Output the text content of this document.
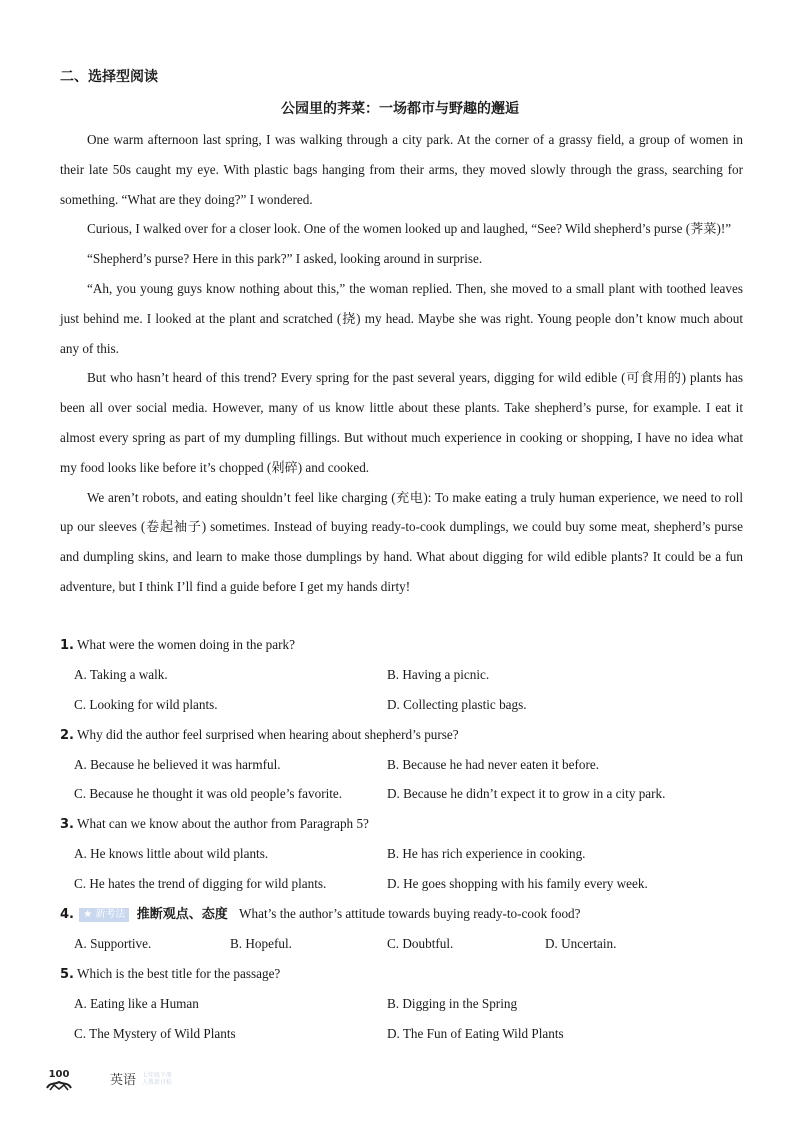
二、选择型阅读
公园里的荠菜：一场都市与野趣的邂逅

One warm afternoon last spring, I was walking through a city park. At the corner of a grassy field, a group of women in their late 50s caught my eye. With plastic bags hanging from their arms, they moved slowly through the grass, searching for something. “What are they doing?” I wondered.

Curious, I walked over for a closer look. One of the women looked up and laughed, “See? Wild shepherd’s purse (荠菜)!”

“Shepherd’s purse? Here in this park?” I asked, looking around in surprise.

“Ah, you young guys know nothing about this,” the woman replied. Then, she moved to a small plant with toothed leaves just behind me. I looked at the plant and scratched (挠) my head. Maybe she was right. Young people don’t know much about any of this.

But who hasn’t heard of this trend? Every spring for the past several years, digging for wild edible (可食用的) plants has been all over social media. However, many of us know little about these plants. Take shepherd’s purse, for example. I eat it almost every spring as part of my dumpling fillings. But without much experience in cooking or shopping, I have no idea what my food looks like before it’s chopped (剁碎) and cooked.

We aren’t robots, and eating shouldn’t feel like charging (充电): To make eating a truly human experience, we need to roll up our sleeves (卷起袖子) sometimes. Instead of buying ready-to-cook dumplings, we could buy some meat, shepherd’s purse and dumpling skins, and learn to make those dumplings by hand. What about digging for wild edible plants? It could be a fun adventure, but I think I’ll find a guide before I get my hands dirty!

1. What were the women doing in the park?
A. Taking a walk.	B. Having a picnic.
C. Looking for wild plants.	D. Collecting plastic bags.
2. Why did the author feel surprised when hearing about shepherd’s purse?
A. Because he believed it was harmful.	B. Because he had never eaten it before.
C. Because he thought it was old people’s favorite.	D. Because he didn’t expect it to grow in a city park.
3. What can we know about the author from Paragraph 5?
A. He knows little about wild plants.	B. He has rich experience in cooking.
C. He hates the trend of digging for wild plants.	D. He goes shopping with his family every week.
4. ★ 新考法 推断观点、态度 What’s the author’s attitude towards buying ready-to-cook food?
A. Supportive.	B. Hopeful.	C. Doubtful.	D. Uncertain.
5. Which is the best title for the passage?
A. Eating like a Human	B. Digging in the Spring
C. The Mystery of Wild Plants	D. The Fun of Eating Wild Plants
100	英语 七年级下册
人教新目标
